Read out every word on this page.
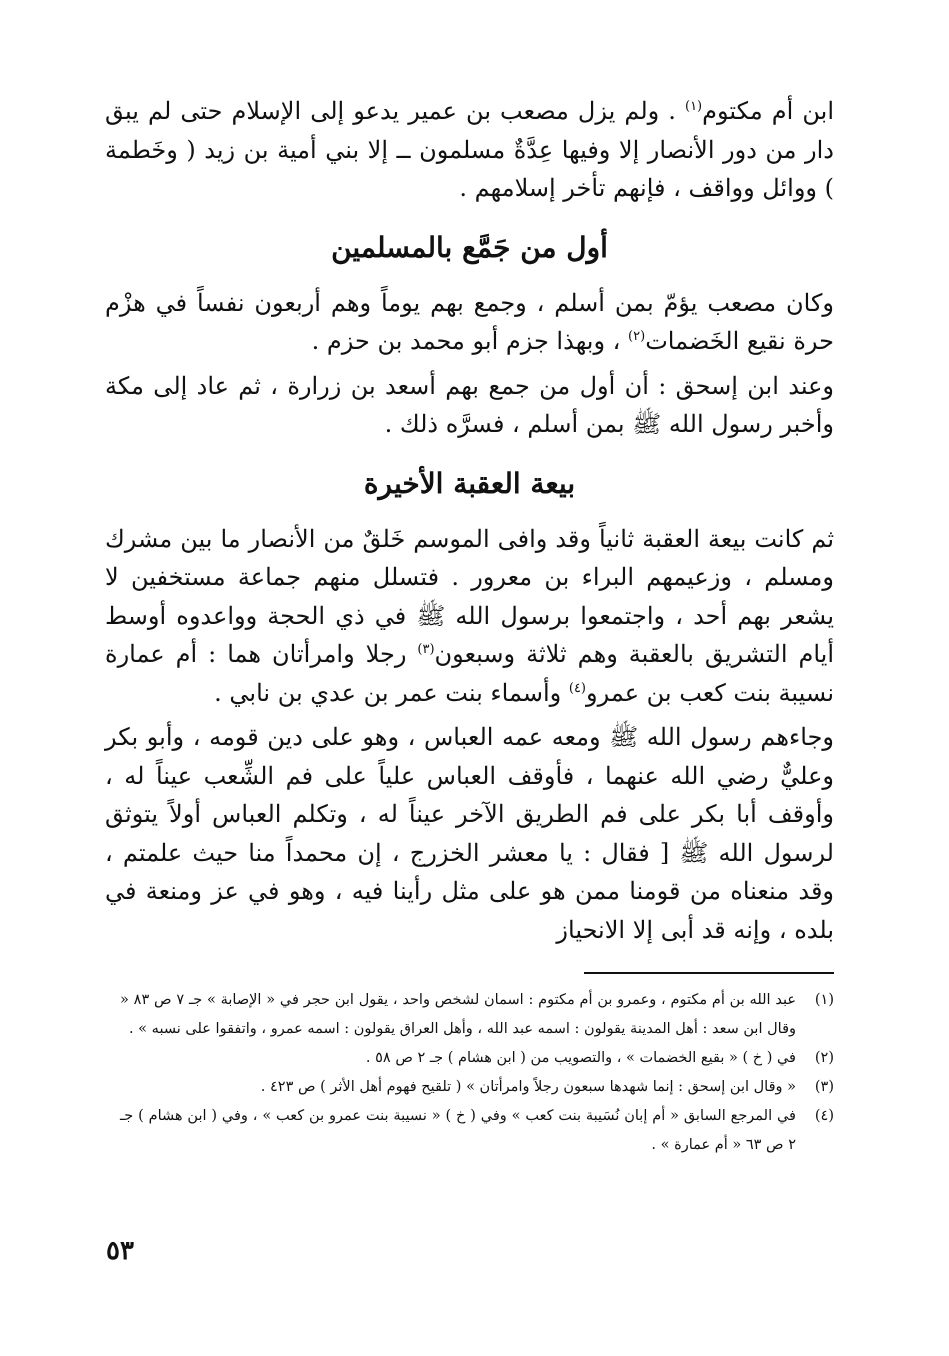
ابن أم مكتوم$^{(١)}$ . ولم يزل مصعب بن عمير يدعو إلى الإسلام حتى لم يبق دار من دور الأنصار إلا وفيها عِدَّةٌ مسلمون ــ إلا بني أمية بن زيد ( وخَطمة ) ووائل وواقف ، فإنهم تأخر إسلامهم .

أول من جَمَّع بالمسلمين

وكان مصعب يؤمّ بمن أسلم ، وجمع بهم يوماً وهم أربعون نفساً في هزْم حرة نقيع الخَضمات$^{(٢)}$ ، وبهذا جزم أبو محمد بن حزم .

وعند ابن إسحق : أن أول من جمع بهم أسعد بن زرارة ، ثم عاد إلى مكة وأخبر رسول الله ﷺ بمن أسلم ، فسرَّه ذلك .

بيعة العقبة الأخيرة

ثم كانت بيعة العقبة ثانياً وقد وافى الموسم خَلقٌ من الأنصار ما بين مشرك ومسلم ، وزعيمهم البراء بن معرور . فتسلل منهم جماعة مستخفين لا يشعر بهم أحد ، واجتمعوا برسول الله ﷺ في ذي الحجة وواعدوه أوسط أيام التشريق بالعقبة وهم ثلاثة وسبعون$^{(٣)}$ رجلا وامرأتان هما : أم عمارة نسيبة بنت كعب بن عمرو$^{(٤)}$ وأسماء بنت عمر بن عدي بن نابي .

وجاءهم رسول الله ﷺ ومعه عمه العباس ، وهو على دين قومه ، وأبو بكر وعليٌّ رضي الله عنهما ، فأوقف العباس علياً على فم الشِّعب عيناً له ، وأوقف أبا بكر على فم الطريق الآخر عيناً له ، وتكلم العباس أولاً يتوثق لرسول الله ﷺ [ فقال : يا معشر الخزرج ، إن محمداً منا حيث علمتم ، وقد منعناه من قومنا ممن هو على مثل رأينا فيه ، وهو في عز ومنعة في بلده ، وإنه قد أبى إلا الانحياز

(١)
عبد الله بن أم مكتوم ، وعمرو بن أم مكتوم : اسمان لشخص واحد ، يقول ابن حجر في « الإصابة » جـ ٧ ص ٨٣ « وقال ابن سعد : أهل المدينة يقولون : اسمه عبد الله ، وأهل العراق يقولون : اسمه عمرو ، واتفقوا على نسبه » .
(٢)
في ( خ ) « بقيع الخضمات » ، والتصويب من ( ابن هشام ) جـ ٢ ص ٥٨ .
(٣)
« وقال ابن إسحق : إنما شهدها سبعون رجلاً وامرأتان » ( تلقيح فهوم أهل الأثر ) ص ٤٢٣ .
(٤)
في المرجع السابق « أم إبان نُسَيبة بنت كعب » وفي ( خ ) « نسيبة بنت عمرو بن كعب » ، وفي ( ابن هشام ) جـ ٢ ص ٦٣ « أم عمارة » .
٥٣
